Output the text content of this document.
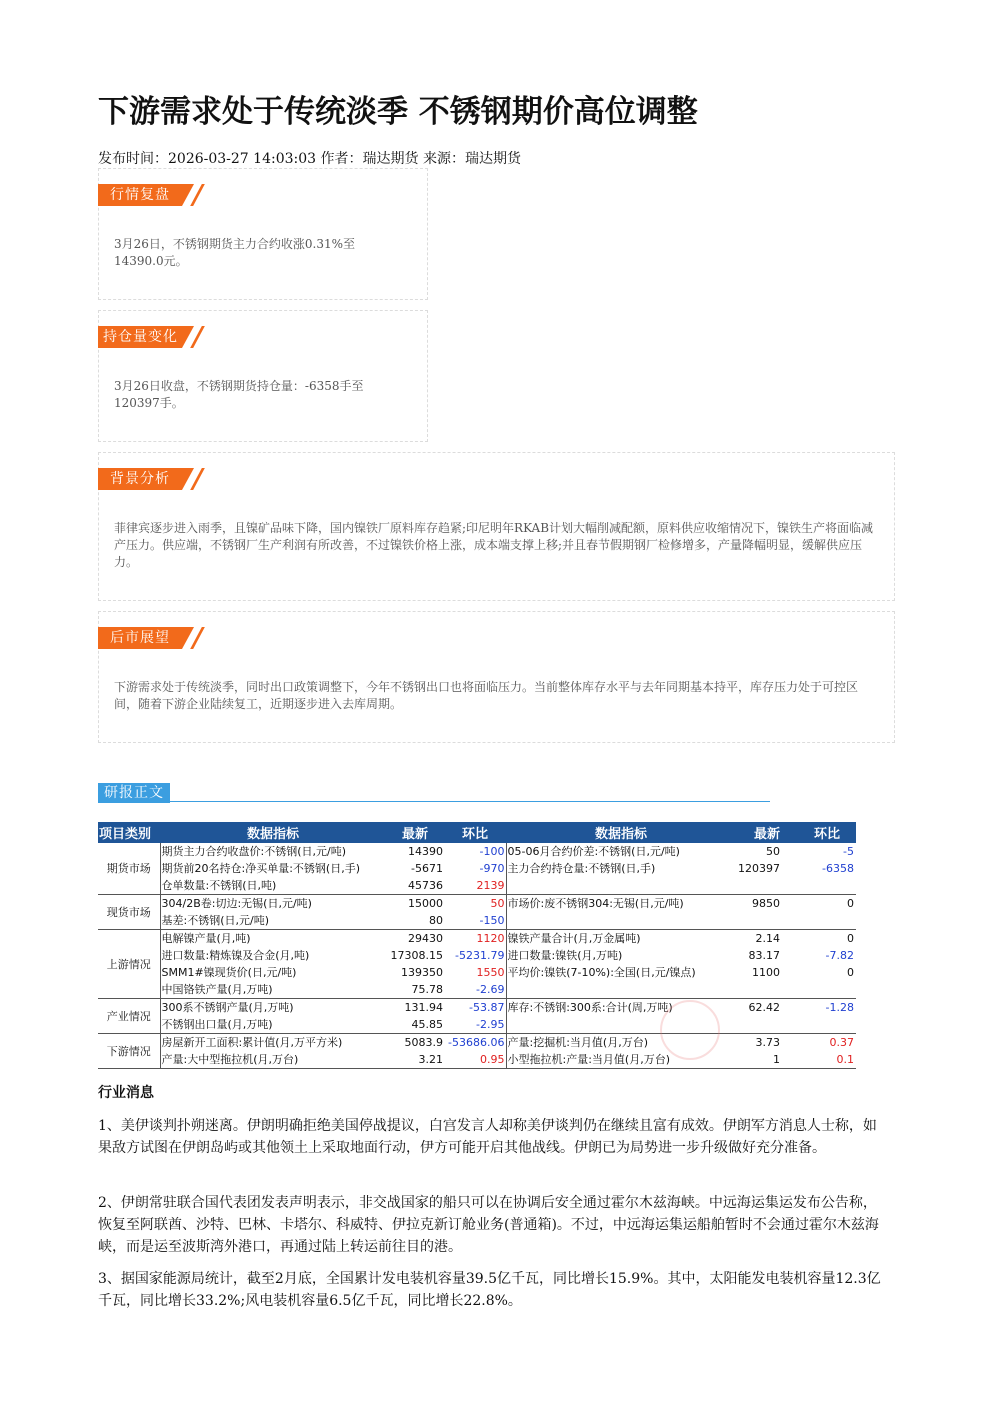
下游需求处于传统淡季 不锈钢期价高位调整
发布时间：2026-03-27 14:03:03 作者：瑞达期货 来源：瑞达期货
行情复盘
3月26日，不锈钢期货主力合约收涨0.31%至14390.0元。
持仓量变化
3月26日收盘，不锈钢期货持仓量：-6358手至120397手。
背景分析
菲律宾逐步进入雨季，且镍矿品味下降，国内镍铁厂原料库存趋紧;印尼明年RKAB计划大幅削减配额，原料供应收缩情况下，镍铁生产将面临减产压力。供应端，不锈钢厂生产利润有所改善，不过镍铁价格上涨，成本端支撑上移;并且春节假期钢厂检修增多，产量降幅明显，缓解供应压力。
后市展望
下游需求处于传统淡季，同时出口政策调整下，今年不锈钢出口也将面临压力。当前整体库存水平与去年同期基本持平，库存压力处于可控区间，随着下游企业陆续复工，近期逐步进入去库周期。
研报正文
项目类别	数据指标	最新	环比	数据指标	最新	环比
期货市场	期货主力合约收盘价:不锈钢(日,元/吨)	14390	-100	05-06月合约价差:不锈钢(日,元/吨)	50	-5
	期货前20名持仓:净买单量:不锈钢(日,手)	-5671	-970	主力合约持仓量:不锈钢(日,手)	120397	-6358
	仓单数量:不锈钢(日,吨)	45736	2139			
现货市场	304/2B卷:切边:无锡(日,元/吨)	15000	50	市场价:废不锈钢304:无锡(日,元/吨)	9850	0
	基差:不锈钢(日,元/吨)	80	-150			
上游情况	电解镍产量(月,吨)	29430	1120	镍铁产量合计(月,万金属吨)	2.14	0
	进口数量:精炼镍及合金(月,吨)	17308.15	-5231.79	进口数量:镍铁(月,万吨)	83.17	-7.82
	SMM1#镍现货价(日,元/吨)	139350	1550	平均价:镍铁(7-10%):全国(日,元/镍点)	1100	0
	中国铬铁产量(月,万吨)	75.78	-2.69			
产业情况	300系不锈钢产量(月,万吨)	131.94	-53.87	库存:不锈钢:300系:合计(周,万吨)	62.42	-1.28
	不锈钢出口量(月,万吨)	45.85	-2.95			
下游情况	房屋新开工面积:累计值(月,万平方米)	5083.9	-53686.06	产量:挖掘机:当月值(月,万台)	3.73	0.37
	产量:大中型拖拉机(月,万台)	3.21	0.95	小型拖拉机:产量:当月值(月,万台)	1	0.1
行业消息
1、美伊谈判扑朔迷离。伊朗明确拒绝美国停战提议，白宫发言人却称美伊谈判仍在继续且富有成效。伊朗军方消息人士称，如果敌方试图在伊朗岛屿或其他领土上采取地面行动，伊方可能开启其他战线。伊朗已为局势进一步升级做好充分准备。
2、伊朗常驻联合国代表团发表声明表示，非交战国家的船只可以在协调后安全通过霍尔木兹海峡。中远海运集运发布公告称，恢复至阿联酋、沙特、巴林、卡塔尔、科威特、伊拉克新订舱业务(普通箱)。不过，中远海运集运船舶暂时不会通过霍尔木兹海峡，而是运至波斯湾外港口，再通过陆上转运前往目的港。
3、据国家能源局统计，截至2月底，全国累计发电装机容量39.5亿千瓦，同比增长15.9%。其中，太阳能发电装机容量12.3亿千瓦，同比增长33.2%;风电装机容量6.5亿千瓦，同比增长22.8%。
